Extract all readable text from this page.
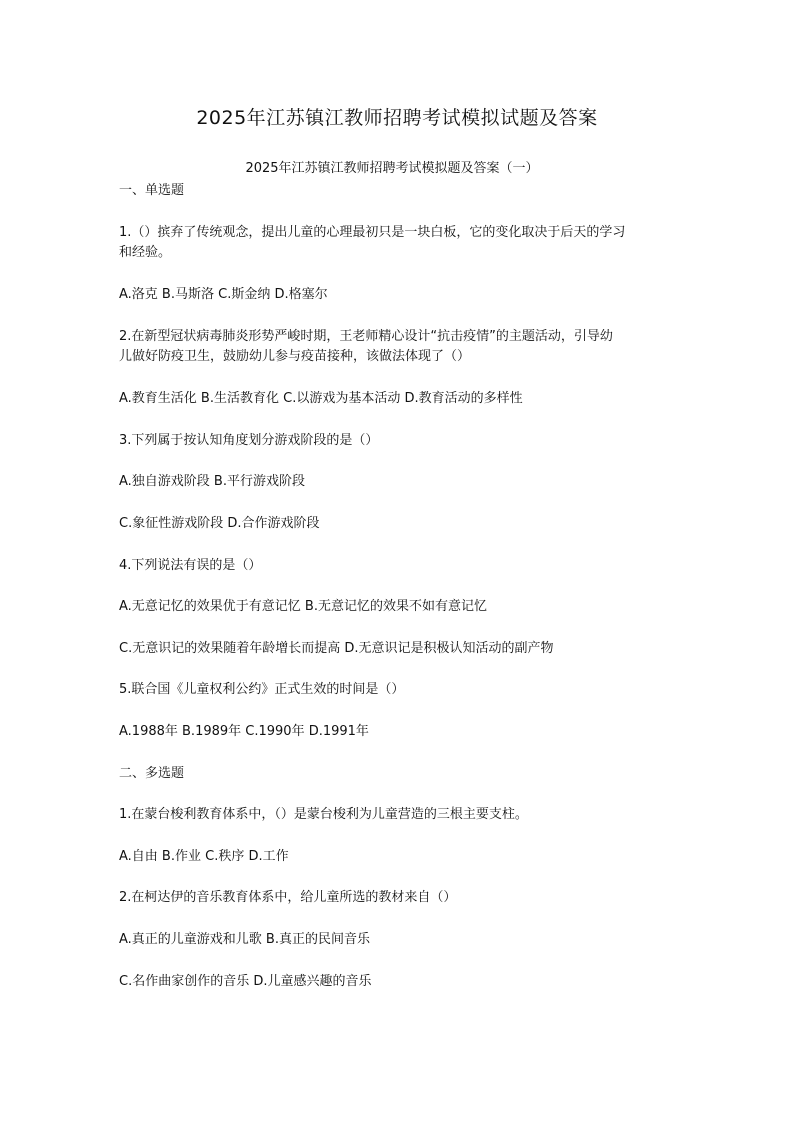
2025年江苏镇江教师招聘考试模拟试题及答案
2025年江苏镇江教师招聘考试模拟题及答案（一）
一、单选题
1.（）摈弃了传统观念，提出儿童的心理最初只是一块白板，它的变化取决于后天的学习
和经验。
A.洛克 B.马斯洛 C.斯金纳 D.格塞尔
2.在新型冠状病毒肺炎形势严峻时期，王老师精心设计“抗击疫情”的主题活动，引导幼
儿做好防疫卫生，鼓励幼儿参与疫苗接种，该做法体现了（）
A.教育生活化 B.生活教育化 C.以游戏为基本活动 D.教育活动的多样性
3.下列属于按认知角度划分游戏阶段的是（）
A.独自游戏阶段 B.平行游戏阶段
C.象征性游戏阶段 D.合作游戏阶段
4.下列说法有误的是（）
A.无意记忆的效果优于有意记忆 B.无意记忆的效果不如有意记忆
C.无意识记的效果随着年龄增长而提高 D.无意识记是积极认知活动的副产物
5.联合国《儿童权利公约》正式生效的时间是（）
A.1988年 B.1989年 C.1990年 D.1991年
二、多选题
1.在蒙台梭利教育体系中，（）是蒙台梭利为儿童营造的三根主要支柱。
A.自由 B.作业 C.秩序 D.工作
2.在柯达伊的音乐教育体系中，给儿童所选的教材来自（）
A.真正的儿童游戏和儿歌 B.真正的民间音乐
C.名作曲家创作的音乐 D.儿童感兴趣的音乐
